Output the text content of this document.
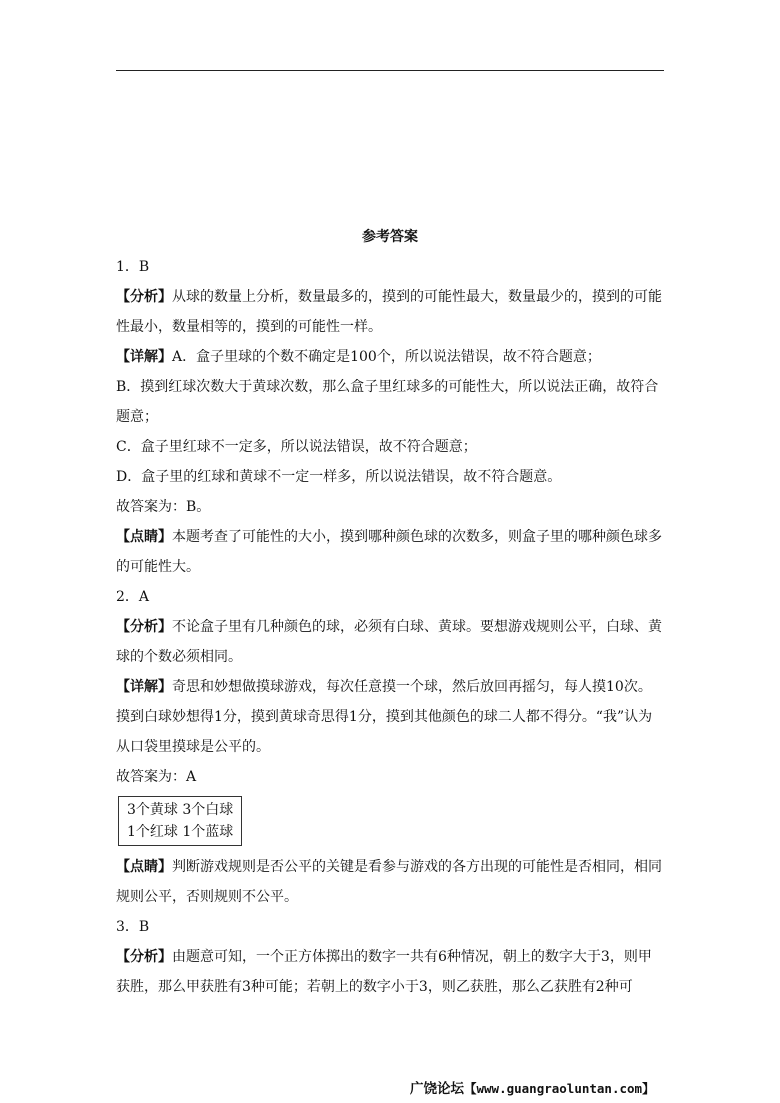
参考答案

1．B

【分析】从球的数量上分析，数量最多的，摸到的可能性最大，数量最少的，摸到的可能性最小，数量相等的，摸到的可能性一样。

【详解】A．盒子里球的个数不确定是100个，所以说法错误，故不符合题意；

B．摸到红球次数大于黄球次数，那么盒子里红球多的可能性大，所以说法正确，故符合题意；

C．盒子里红球不一定多，所以说法错误，故不符合题意；

D．盒子里的红球和黄球不一定一样多，所以说法错误，故不符合题意。

故答案为：B。

【点睛】本题考查了可能性的大小，摸到哪种颜色球的次数多，则盒子里的哪种颜色球多的可能性大。

2．A

【分析】不论盒子里有几种颜色的球，必须有白球、黄球。要想游戏规则公平，白球、黄球的个数必须相同。

【详解】奇思和妙想做摸球游戏，每次任意摸一个球，然后放回再摇匀，每人摸10次。摸到白球妙想得1分，摸到黄球奇思得1分，摸到其他颜色的球二人都不得分。“我”认为从口袋里摸球是公平的。

故答案为：A

3个黄球 3个白球
1个红球 1个蓝球

【点睛】判断游戏规则是否公平的关键是看参与游戏的各方出现的可能性是否相同，相同规则公平，否则规则不公平。

3．B

【分析】由题意可知，一个正方体掷出的数字一共有6种情况，朝上的数字大于3，则甲获胜，那么甲获胜有3种可能；若朝上的数字小于3，则乙获胜，那么乙获胜有2种可

广饶论坛【www.guangraoluntan.com】
